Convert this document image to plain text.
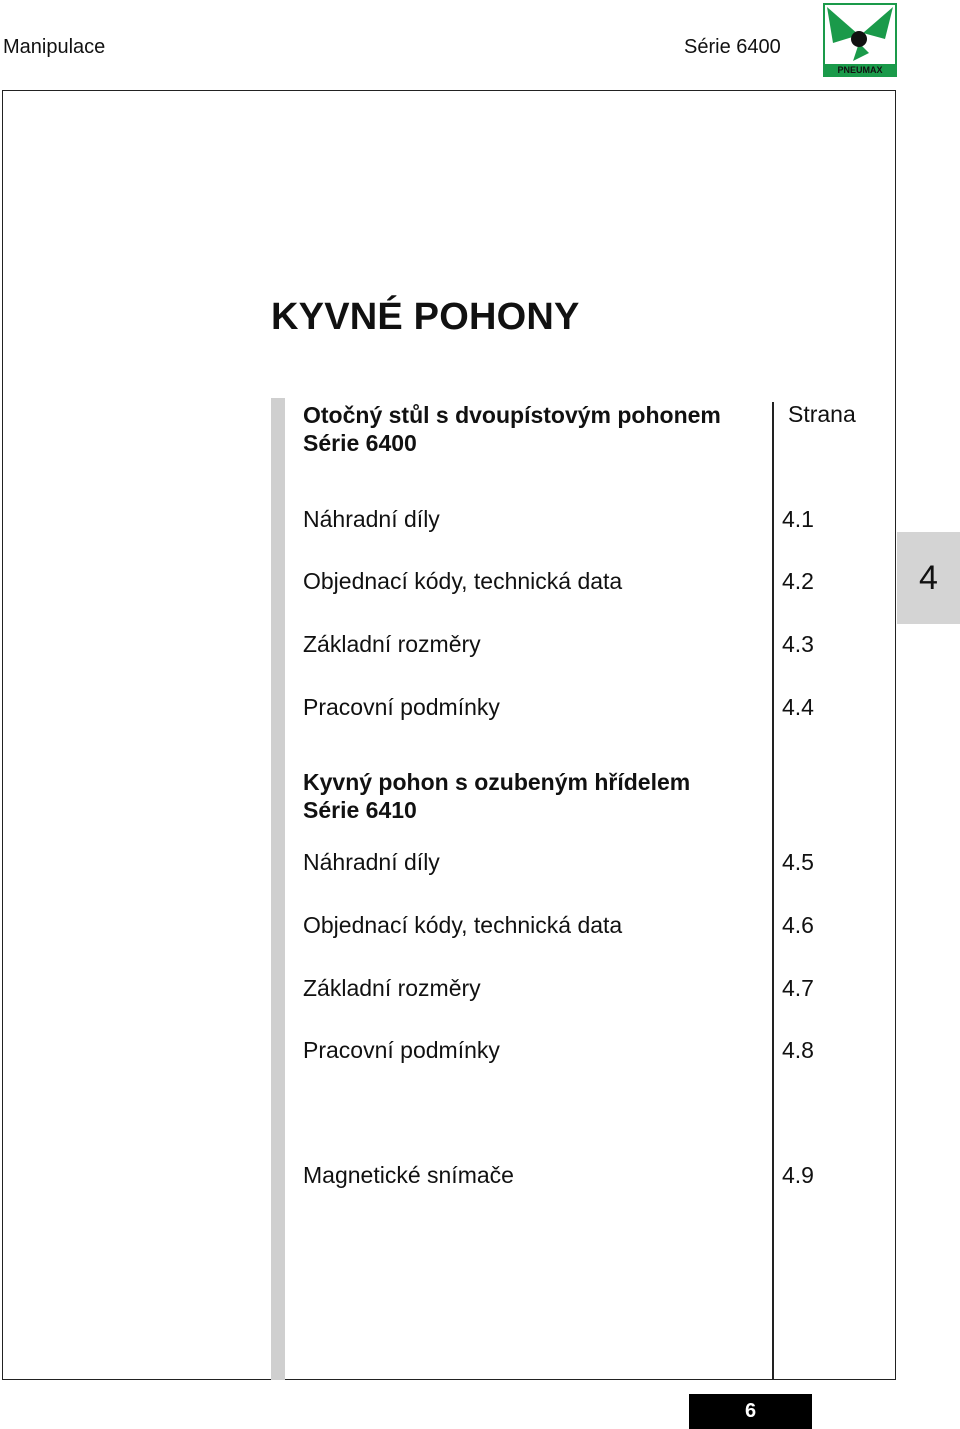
Manipulace	Série 6400
PNEUMAX
KYVNÉ POHONY
Otočný stůl s dvoupístovým pohonem
Série 6400
Strana
Náhradní díly	4.1
Objednací kódy, technická data	4.2
Základní rozměry	4.3
Pracovní podmínky	4.4
Kyvný pohon s ozubeným hřídelem
Série 6410
Náhradní díly	4.5
Objednací kódy, technická data	4.6
Základní rozměry	4.7
Pracovní podmínky	4.8
Magnetické snímače	4.9
4
6
